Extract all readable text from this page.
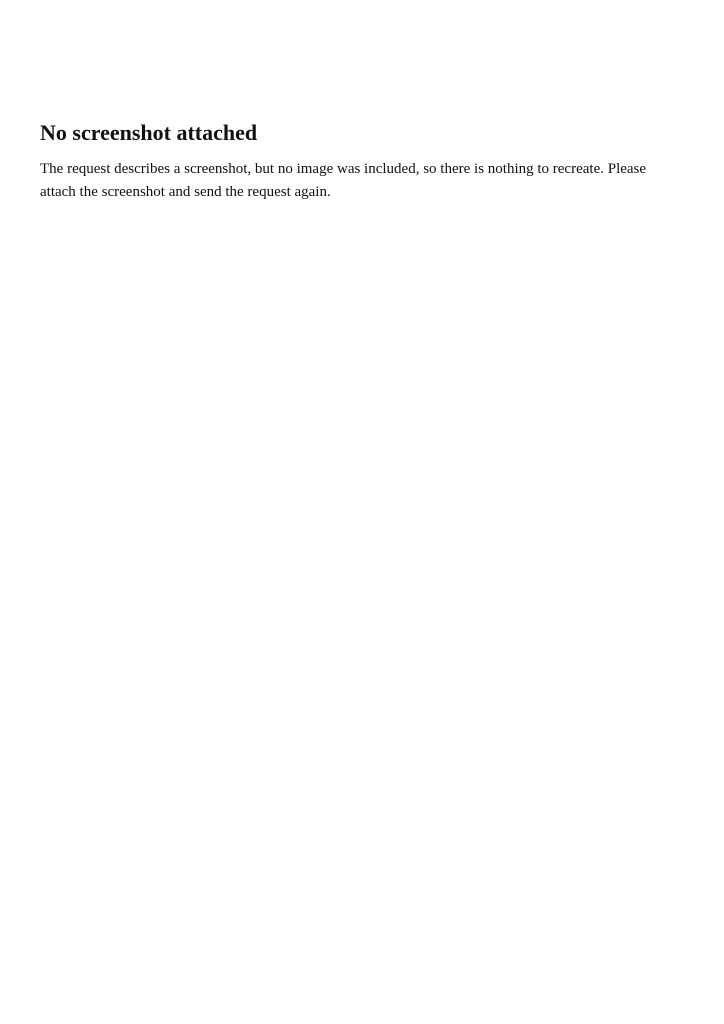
No screenshot attached

The request describes a screenshot, but no image was included, so there is nothing to recreate. Please attach the screenshot and send the request again.
